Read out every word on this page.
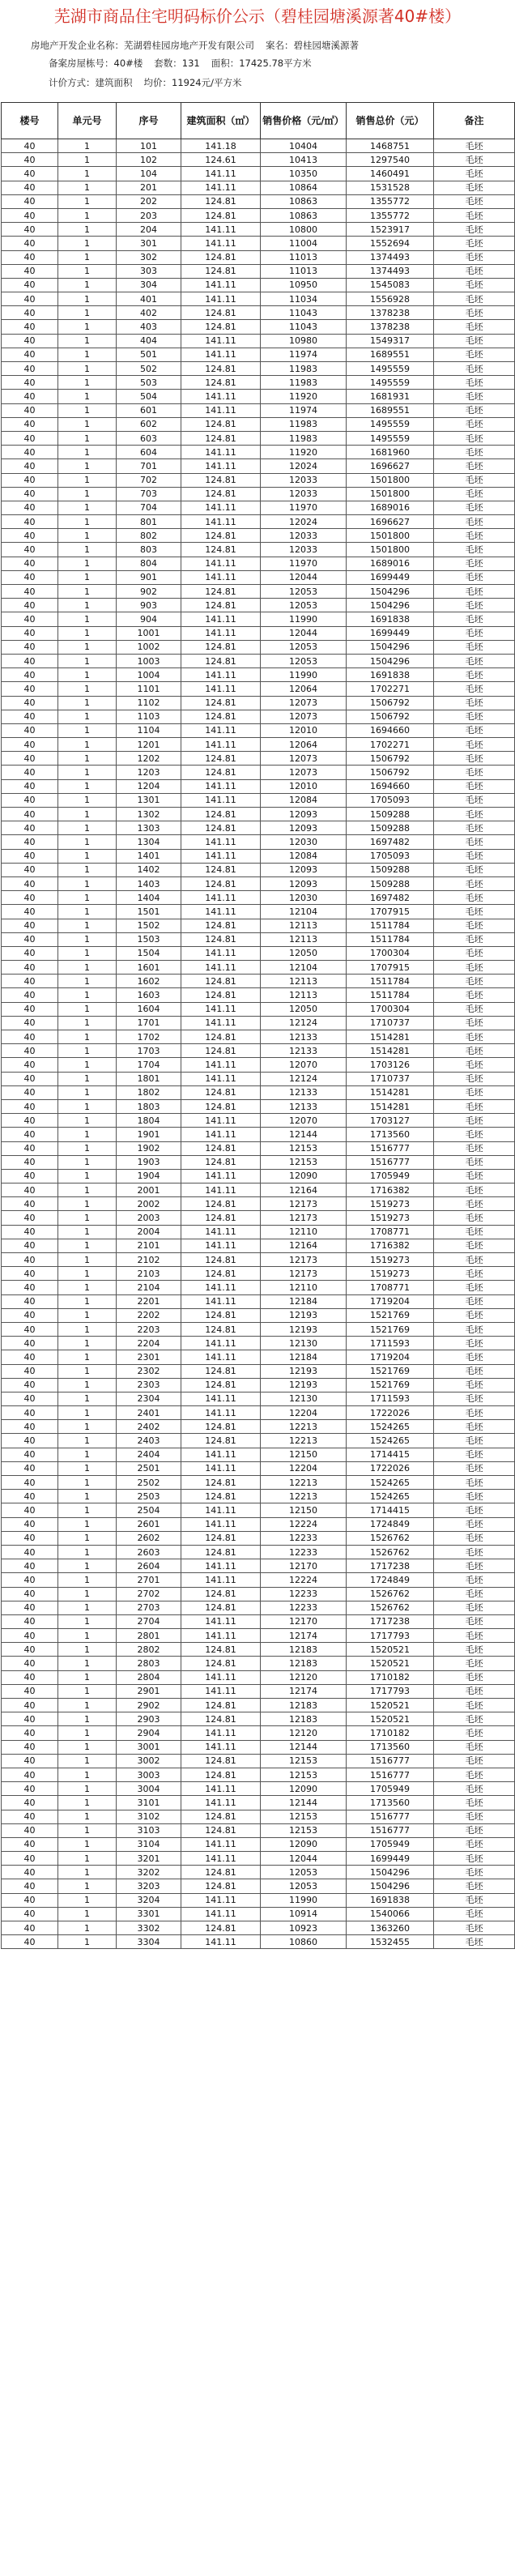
芜湖市商品住宅明码标价公示（碧桂园塘溪源著40#楼）
房地产开发企业名称：芜湖碧桂园房地产开发有限公司 案名：碧桂园塘溪源著
备案房屋栋号：40#楼 套数：131 面积：17425.78平方米
计价方式：建筑面积 均价：11924元/平方米
楼号	单元号	序号	建筑面积（㎡）	销售价格（元/㎡）	销售总价（元）	备注
40	1	101	141.18	10404	1468751	毛坯
40	1	102	124.61	10413	1297540	毛坯
40	1	104	141.11	10350	1460491	毛坯
40	1	201	141.11	10864	1531528	毛坯
40	1	202	124.81	10863	1355772	毛坯
40	1	203	124.81	10863	1355772	毛坯
40	1	204	141.11	10800	1523917	毛坯
40	1	301	141.11	11004	1552694	毛坯
40	1	302	124.81	11013	1374493	毛坯
40	1	303	124.81	11013	1374493	毛坯
40	1	304	141.11	10950	1545083	毛坯
40	1	401	141.11	11034	1556928	毛坯
40	1	402	124.81	11043	1378238	毛坯
40	1	403	124.81	11043	1378238	毛坯
40	1	404	141.11	10980	1549317	毛坯
40	1	501	141.11	11974	1689551	毛坯
40	1	502	124.81	11983	1495559	毛坯
40	1	503	124.81	11983	1495559	毛坯
40	1	504	141.11	11920	1681931	毛坯
40	1	601	141.11	11974	1689551	毛坯
40	1	602	124.81	11983	1495559	毛坯
40	1	603	124.81	11983	1495559	毛坯
40	1	604	141.11	11920	1681960	毛坯
40	1	701	141.11	12024	1696627	毛坯
40	1	702	124.81	12033	1501800	毛坯
40	1	703	124.81	12033	1501800	毛坯
40	1	704	141.11	11970	1689016	毛坯
40	1	801	141.11	12024	1696627	毛坯
40	1	802	124.81	12033	1501800	毛坯
40	1	803	124.81	12033	1501800	毛坯
40	1	804	141.11	11970	1689016	毛坯
40	1	901	141.11	12044	1699449	毛坯
40	1	902	124.81	12053	1504296	毛坯
40	1	903	124.81	12053	1504296	毛坯
40	1	904	141.11	11990	1691838	毛坯
40	1	1001	141.11	12044	1699449	毛坯
40	1	1002	124.81	12053	1504296	毛坯
40	1	1003	124.81	12053	1504296	毛坯
40	1	1004	141.11	11990	1691838	毛坯
40	1	1101	141.11	12064	1702271	毛坯
40	1	1102	124.81	12073	1506792	毛坯
40	1	1103	124.81	12073	1506792	毛坯
40	1	1104	141.11	12010	1694660	毛坯
40	1	1201	141.11	12064	1702271	毛坯
40	1	1202	124.81	12073	1506792	毛坯
40	1	1203	124.81	12073	1506792	毛坯
40	1	1204	141.11	12010	1694660	毛坯
40	1	1301	141.11	12084	1705093	毛坯
40	1	1302	124.81	12093	1509288	毛坯
40	1	1303	124.81	12093	1509288	毛坯
40	1	1304	141.11	12030	1697482	毛坯
40	1	1401	141.11	12084	1705093	毛坯
40	1	1402	124.81	12093	1509288	毛坯
40	1	1403	124.81	12093	1509288	毛坯
40	1	1404	141.11	12030	1697482	毛坯
40	1	1501	141.11	12104	1707915	毛坯
40	1	1502	124.81	12113	1511784	毛坯
40	1	1503	124.81	12113	1511784	毛坯
40	1	1504	141.11	12050	1700304	毛坯
40	1	1601	141.11	12104	1707915	毛坯
40	1	1602	124.81	12113	1511784	毛坯
40	1	1603	124.81	12113	1511784	毛坯
40	1	1604	141.11	12050	1700304	毛坯
40	1	1701	141.11	12124	1710737	毛坯
40	1	1702	124.81	12133	1514281	毛坯
40	1	1703	124.81	12133	1514281	毛坯
40	1	1704	141.11	12070	1703126	毛坯
40	1	1801	141.11	12124	1710737	毛坯
40	1	1802	124.81	12133	1514281	毛坯
40	1	1803	124.81	12133	1514281	毛坯
40	1	1804	141.11	12070	1703127	毛坯
40	1	1901	141.11	12144	1713560	毛坯
40	1	1902	124.81	12153	1516777	毛坯
40	1	1903	124.81	12153	1516777	毛坯
40	1	1904	141.11	12090	1705949	毛坯
40	1	2001	141.11	12164	1716382	毛坯
40	1	2002	124.81	12173	1519273	毛坯
40	1	2003	124.81	12173	1519273	毛坯
40	1	2004	141.11	12110	1708771	毛坯
40	1	2101	141.11	12164	1716382	毛坯
40	1	2102	124.81	12173	1519273	毛坯
40	1	2103	124.81	12173	1519273	毛坯
40	1	2104	141.11	12110	1708771	毛坯
40	1	2201	141.11	12184	1719204	毛坯
40	1	2202	124.81	12193	1521769	毛坯
40	1	2203	124.81	12193	1521769	毛坯
40	1	2204	141.11	12130	1711593	毛坯
40	1	2301	141.11	12184	1719204	毛坯
40	1	2302	124.81	12193	1521769	毛坯
40	1	2303	124.81	12193	1521769	毛坯
40	1	2304	141.11	12130	1711593	毛坯
40	1	2401	141.11	12204	1722026	毛坯
40	1	2402	124.81	12213	1524265	毛坯
40	1	2403	124.81	12213	1524265	毛坯
40	1	2404	141.11	12150	1714415	毛坯
40	1	2501	141.11	12204	1722026	毛坯
40	1	2502	124.81	12213	1524265	毛坯
40	1	2503	124.81	12213	1524265	毛坯
40	1	2504	141.11	12150	1714415	毛坯
40	1	2601	141.11	12224	1724849	毛坯
40	1	2602	124.81	12233	1526762	毛坯
40	1	2603	124.81	12233	1526762	毛坯
40	1	2604	141.11	12170	1717238	毛坯
40	1	2701	141.11	12224	1724849	毛坯
40	1	2702	124.81	12233	1526762	毛坯
40	1	2703	124.81	12233	1526762	毛坯
40	1	2704	141.11	12170	1717238	毛坯
40	1	2801	141.11	12174	1717793	毛坯
40	1	2802	124.81	12183	1520521	毛坯
40	1	2803	124.81	12183	1520521	毛坯
40	1	2804	141.11	12120	1710182	毛坯
40	1	2901	141.11	12174	1717793	毛坯
40	1	2902	124.81	12183	1520521	毛坯
40	1	2903	124.81	12183	1520521	毛坯
40	1	2904	141.11	12120	1710182	毛坯
40	1	3001	141.11	12144	1713560	毛坯
40	1	3002	124.81	12153	1516777	毛坯
40	1	3003	124.81	12153	1516777	毛坯
40	1	3004	141.11	12090	1705949	毛坯
40	1	3101	141.11	12144	1713560	毛坯
40	1	3102	124.81	12153	1516777	毛坯
40	1	3103	124.81	12153	1516777	毛坯
40	1	3104	141.11	12090	1705949	毛坯
40	1	3201	141.11	12044	1699449	毛坯
40	1	3202	124.81	12053	1504296	毛坯
40	1	3203	124.81	12053	1504296	毛坯
40	1	3204	141.11	11990	1691838	毛坯
40	1	3301	141.11	10914	1540066	毛坯
40	1	3302	124.81	10923	1363260	毛坯
40	1	3304	141.11	10860	1532455	毛坯
